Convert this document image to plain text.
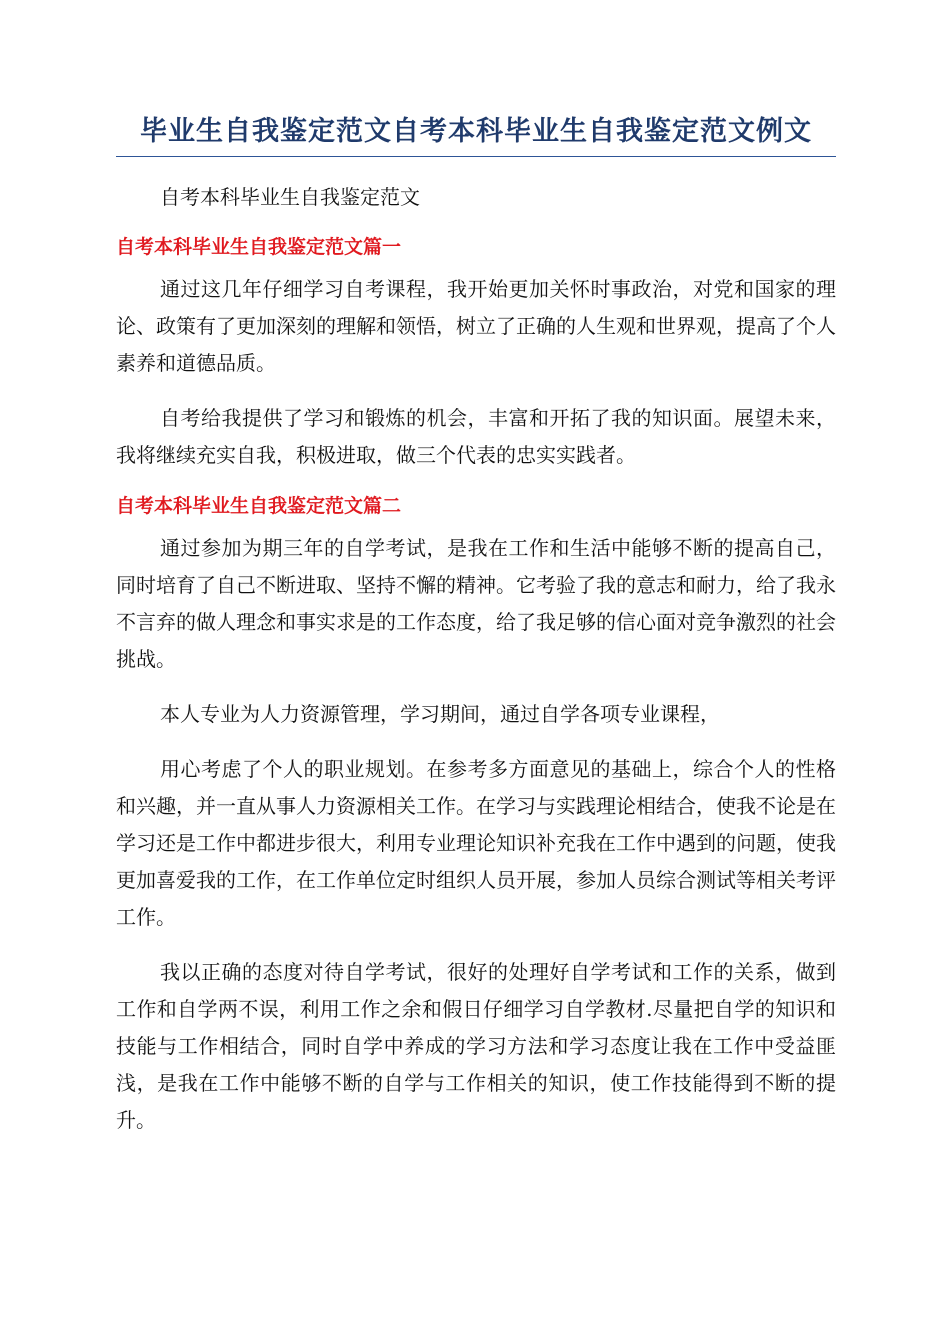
毕业生自我鉴定范文自考本科毕业生自我鉴定范文例文

自考本科毕业生自我鉴定范文

自考本科毕业生自我鉴定范文篇一

通过这几年仔细学习自考课程，我开始更加关怀时事政治，对党和国家的理论、政策有了更加深刻的理解和领悟，树立了正确的人生观和世界观，提高了个人素养和道德品质。

自考给我提供了学习和锻炼的机会，丰富和开拓了我的知识面。展望未来，我将继续充实自我，积极进取，做三个代表的忠实实践者。

自考本科毕业生自我鉴定范文篇二

通过参加为期三年的自学考试，是我在工作和生活中能够不断的提高自己，同时培育了自己不断进取、坚持不懈的精神。它考验了我的意志和耐力，给了我永不言弃的做人理念和事实求是的工作态度，给了我足够的信心面对竞争激烈的社会挑战。

本人专业为人力资源管理，学习期间，通过自学各项专业课程，

用心考虑了个人的职业规划。在参考多方面意见的基础上，综合个人的性格和兴趣，并一直从事人力资源相关工作。在学习与实践理论相结合，使我不论是在学习还是工作中都进步很大，利用专业理论知识补充我在工作中遇到的问题，使我更加喜爱我的工作，在工作单位定时组织人员开展，参加人员综合测试等相关考评工作。

我以正确的态度对待自学考试，很好的处理好自学考试和工作的关系，做到工作和自学两不误，利用工作之余和假日仔细学习自学教材.尽量把自学的知识和技能与工作相结合，同时自学中养成的学习方法和学习态度让我在工作中受益匪浅，是我在工作中能够不断的自学与工作相关的知识，使工作技能得到不断的提升。
